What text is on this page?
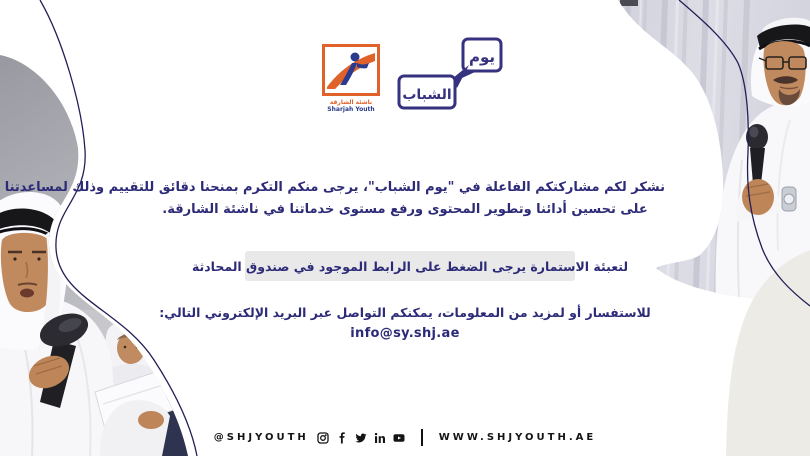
ناشئة الشارقة
Sharjah Youth
يوم
الشباب
نشكر لكم مشاركتكم الفاعلة في "يوم الشباب"، يرجى منكم التكرم بمنحنا دقائق للتقييم وذلك لمساعدتنا
على تحسين أدائنا وتطوير المحتوى ورفع مستوى خدماتنا في ناشئة الشارقة.
لتعبئة الاستمارة يرجى الضغط على الرابط الموجود في صندوق المحادثة
للاستفسار أو لمزيد من المعلومات، يمكنكم التواصل عبر البريد الإلكتروني التالي:
info@sy.shj.ae
@SHJYOUTH	WWW.SHJYOUTH.AE
